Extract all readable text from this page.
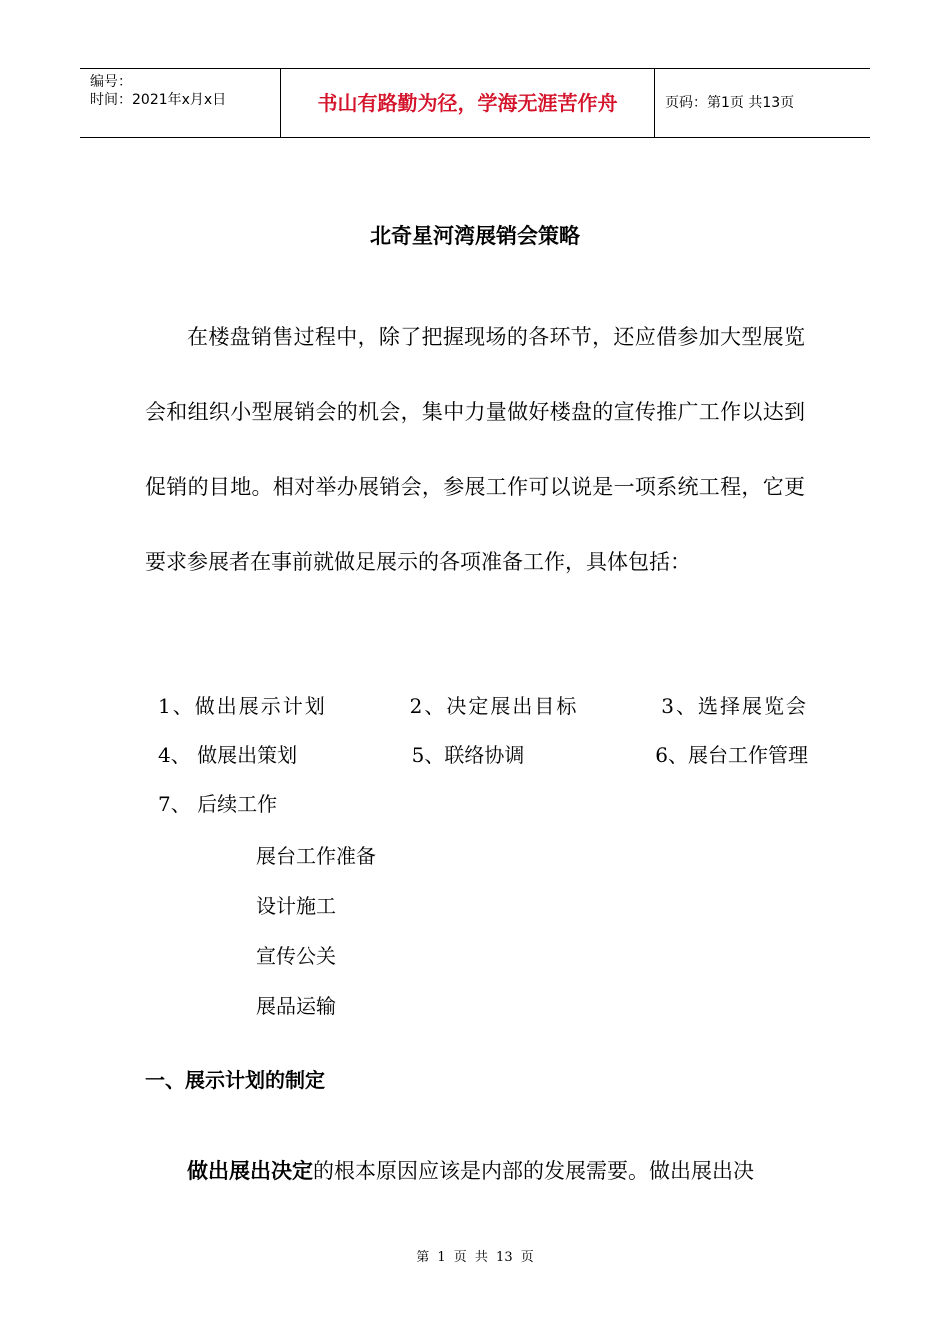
编号：
时间：2021年x月x日	书山有路勤为径，学海无涯苦作舟	页码：第1页 共13页
北奇星河湾展销会策略
在楼盘销售过程中，除了把握现场的各环节，还应借参加大型展览会和组织小型展销会的机会，集中力量做好楼盘的宣传推广工作以达到促销的目地。相对举办展销会，参展工作可以说是一项系统工程，它更要求参展者在事前就做足展示的各项准备工作，具体包括：
1、做出展示计划	2、决定展出目标	3、选择展览会
4、 做展出策划	5、联络协调	6、展台工作管理
7、 后续工作
展台工作准备
设计施工
宣传公关
展品运输
一、展示计划的制定
做出展出决定的根本原因应该是内部的发展需要。做出展出决
第 1 页 共 13 页
